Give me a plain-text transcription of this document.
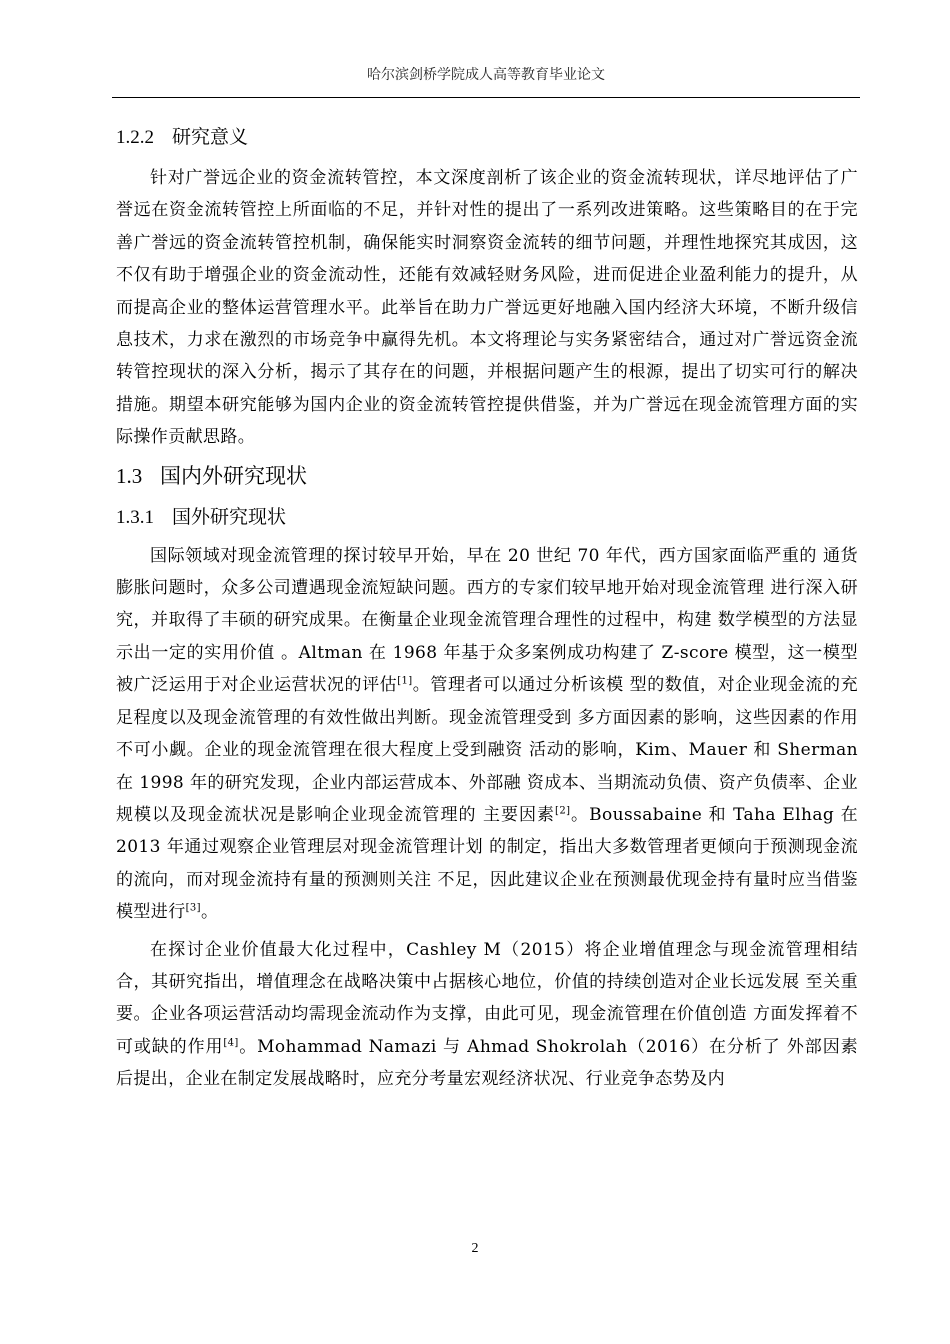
哈尔滨剑桥学院成人高等教育毕业论文
1.2.2 研究意义

针对广誉远企业的资金流转管控，本文深度剖析了该企业的资金流转现状，详尽地评估了广誉远在资金流转管控上所面临的不足，并针对性的提出了一系列改进策略。这些策略目的在于完善广誉远的资金流转管控机制，确保能实时洞察资金流转的细节问题，并理性地探究其成因，这不仅有助于增强企业的资金流动性，还能有效减轻财务风险，进而促进企业盈利能力的提升，从而提高企业的整体运营管理水平。此举旨在助力广誉远更好地融入国内经济大环境，不断升级信息技术，力求在激烈的市场竞争中赢得先机。本文将理论与实务紧密结合，通过对广誉远资金流转管控现状的深入分析，揭示了其存在的问题，并根据问题产生的根源，提出了切实可行的解决措施。期望本研究能够为国内企业的资金流转管控提供借鉴，并为广誉远在现金流管理方面的实际操作贡献思路。

1.3 国内外研究现状
1.3.1 国外研究现状

国际领域对现金流管理的探讨较早开始，早在 20 世纪 70 年代，西方国家面临严重的 通货膨胀问题时，众多公司遭遇现金流短缺问题。西方的专家们较早地开始对现金流管理 进行深入研究，并取得了丰硕的研究成果。在衡量企业现金流管理合理性的过程中，构建 数学模型的方法显示出一定的实用价值 。Altman 在 1968 年基于众多案例成功构建了 Z-score 模型，这一模型被广泛运用于对企业运营状况的评估[1]。管理者可以通过分析该模 型的数值，对企业现金流的充足程度以及现金流管理的有效性做出判断。现金流管理受到 多方面因素的影响，这些因素的作用不可小觑。企业的现金流管理在很大程度上受到融资 活动的影响，Kim、Mauer 和 Sherman 在 1998 年的研究发现，企业内部运营成本、外部融 资成本、当期流动负债、资产负债率、企业规模以及现金流状况是影响企业现金流管理的 主要因素[2]。Boussabaine 和 Taha Elhag 在 2013 年通过观察企业管理层对现金流管理计划 的制定，指出大多数管理者更倾向于预测现金流的流向，而对现金流持有量的预测则关注 不足，因此建议企业在预测最优现金持有量时应当借鉴模型进行[3]。

在探讨企业价值最大化过程中，Cashley M（2015）将企业增值理念与现金流管理相结 合，其研究指出，增值理念在战略决策中占据核心地位，价值的持续创造对企业长远发展 至关重要。企业各项运营活动均需现金流动作为支撑，由此可见，现金流管理在价值创造 方面发挥着不可或缺的作用[4]。Mohammad Namazi 与 Ahmad Shokrolah（2016）在分析了 外部因素后提出，企业在制定发展战略时，应充分考量宏观经济状况、行业竞争态势及内

2
